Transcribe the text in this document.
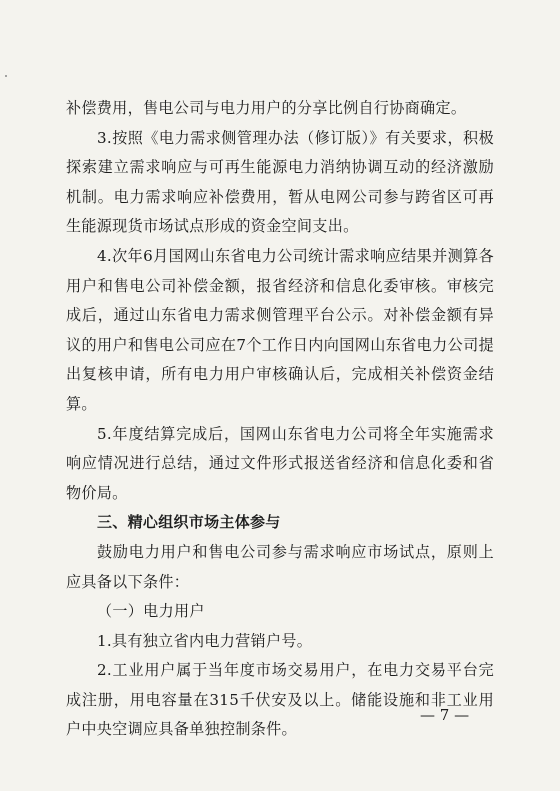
补偿费用，售电公司与电力用户的分享比例自行协商确定。

3.按照《电力需求侧管理办法（修订版）》有关要求，积极探索建立需求响应与可再生能源电力消纳协调互动的经济激励机制。电力需求响应补偿费用，暂从电网公司参与跨省区可再生能源现货市场试点形成的资金空间支出。

4.次年6月国网山东省电力公司统计需求响应结果并测算各用户和售电公司补偿金额，报省经济和信息化委审核。审核完成后，通过山东省电力需求侧管理平台公示。对补偿金额有异议的用户和售电公司应在7个工作日内向国网山东省电力公司提出复核申请，所有电力用户审核确认后，完成相关补偿资金结算。

5.年度结算完成后，国网山东省电力公司将全年实施需求响应情况进行总结，通过文件形式报送省经济和信息化委和省物价局。

三、精心组织市场主体参与

鼓励电力用户和售电公司参与需求响应市场试点，原则上应具备以下条件：

（一）电力用户

1.具有独立省内电力营销户号。

2.工业用户属于当年度市场交易用户，在电力交易平台完成注册，用电容量在315千伏安及以上。储能设施和非工业用户中央空调应具备单独控制条件。

— 7 —
